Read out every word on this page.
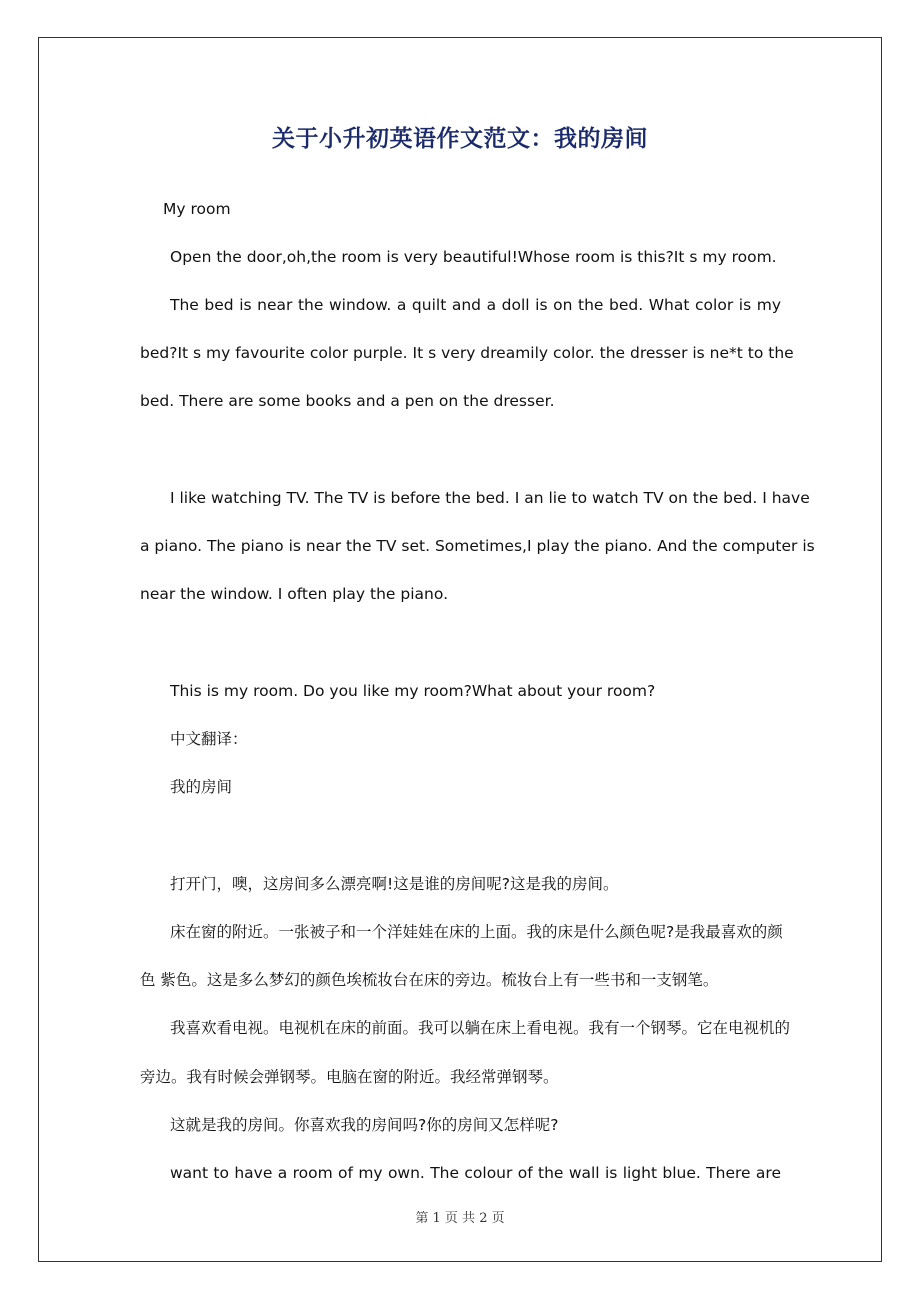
关于小升初英语作文范文：我的房间
My room
Open the door,oh,the room is very beautiful!Whose room is this?It s my room.
The bed is near the window. a quilt and a doll is on the bed. What color is my
bed?It s my favourite color purple. It s very dreamily color. the dresser is ne*t to the
bed. There are some books and a pen on the dresser.
I like watching TV. The TV is before the bed. I an lie to watch TV on the bed. I have
a piano. The piano is near the TV set. Sometimes,I play the piano. And the computer is
near the window. I often play the piano.
This is my room. Do you like my room?What about your room?
中文翻译：
我的房间
打开门，噢，这房间多么漂亮啊!这是谁的房间呢?这是我的房间。
床在窗的附近。一张被子和一个洋娃娃在床的上面。我的床是什么颜色呢?是我最喜欢的颜
色 紫色。这是多么梦幻的颜色埃梳妆台在床的旁边。梳妆台上有一些书和一支钢笔。
我喜欢看电视。电视机在床的前面。我可以躺在床上看电视。我有一个钢琴。它在电视机的
旁边。我有时候会弹钢琴。电脑在窗的附近。我经常弹钢琴。
这就是我的房间。你喜欢我的房间吗?你的房间又怎样呢?
want to have a room of my own. The colour of the wall is light blue. There are
第 1 页 共 2 页
